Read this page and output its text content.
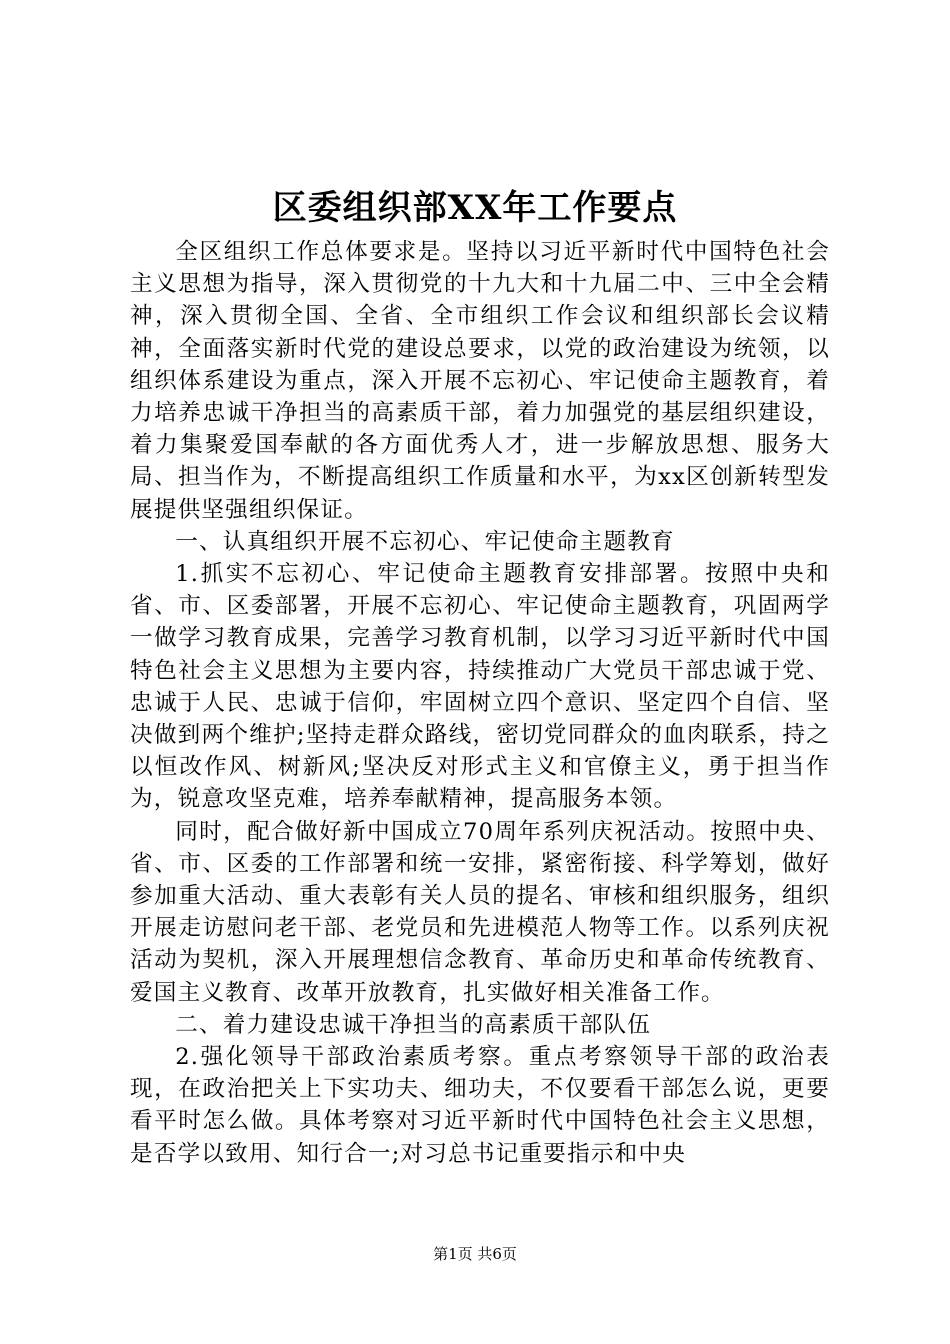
区委组织部XX年工作要点

全区组织工作总体要求是。坚持以习近平新时代中国特色社会主义思想为指导，深入贯彻党的十九大和十九届二中、三中全会精神，深入贯彻全国、全省、全市组织工作会议和组织部长会议精神，全面落实新时代党的建设总要求，以党的政治建设为统领，以组织体系建设为重点，深入开展不忘初心、牢记使命主题教育，着力培养忠诚干净担当的高素质干部，着力加强党的基层组织建设，着力集聚爱国奉献的各方面优秀人才，进一步解放思想、服务大局、担当作为，不断提高组织工作质量和水平，为xx区创新转型发展提供坚强组织保证。

一、认真组织开展不忘初心、牢记使命主题教育

1.抓实不忘初心、牢记使命主题教育安排部署。按照中央和省、市、区委部署，开展不忘初心、牢记使命主题教育，巩固两学一做学习教育成果，完善学习教育机制，以学习习近平新时代中国特色社会主义思想为主要内容，持续推动广大党员干部忠诚于党、忠诚于人民、忠诚于信仰，牢固树立四个意识、坚定四个自信、坚决做到两个维护;坚持走群众路线，密切党同群众的血肉联系，持之以恒改作风、树新风;坚决反对形式主义和官僚主义，勇于担当作为，锐意攻坚克难，培养奉献精神，提高服务本领。

同时，配合做好新中国成立70周年系列庆祝活动。按照中央、省、市、区委的工作部署和统一安排，紧密衔接、科学筹划，做好参加重大活动、重大表彰有关人员的提名、审核和组织服务，组织开展走访慰问老干部、老党员和先进模范人物等工作。以系列庆祝活动为契机，深入开展理想信念教育、革命历史和革命传统教育、爱国主义教育、改革开放教育，扎实做好相关准备工作。

二、着力建设忠诚干净担当的高素质干部队伍

2.强化领导干部政治素质考察。重点考察领导干部的政治表现，在政治把关上下实功夫、细功夫，不仅要看干部怎么说，更要看平时怎么做。具体考察对习近平新时代中国特色社会主义思想，是否学以致用、知行合一;对习总书记重要指示和中央

第1页 共6页
